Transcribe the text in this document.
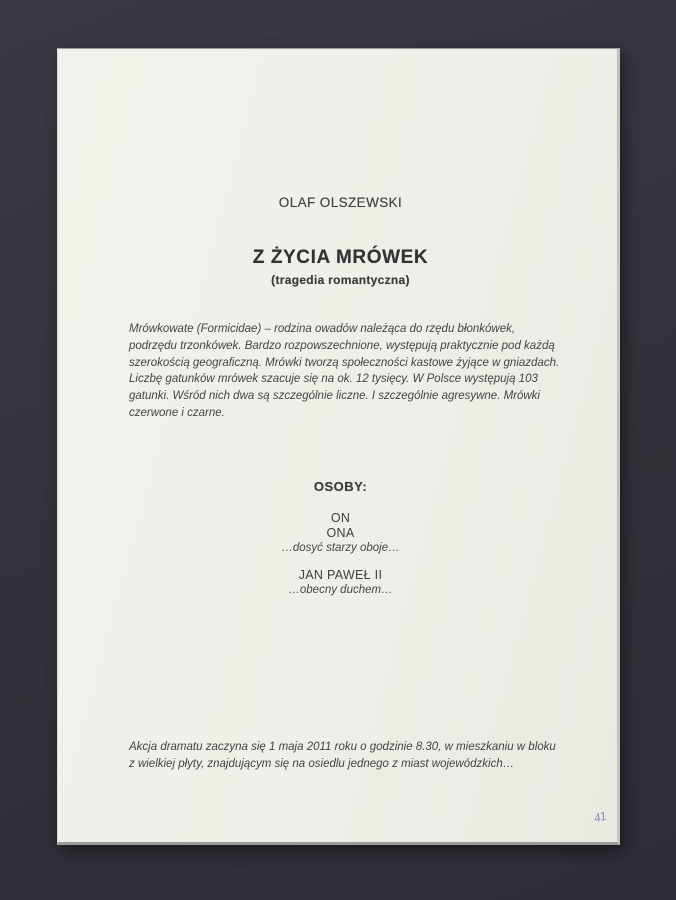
OLAF OLSZEWSKI
Z ŻYCIA MRÓWEK
(tragedia romantyczna)
Mrówkowate (Formicidae) – rodzina owadów należąca do rzędu błonkówek,
podrzędu trzonkówek. Bardzo rozpowszechnione, występują praktycznie pod każdą
szerokością geograficzną. Mrówki tworzą społeczności kastowe żyjące w gniazdach.
Liczbę gatunków mrówek szacuje się na ok. 12 tysięcy. W Polsce występują 103
gatunki. Wśród nich dwa są szczególnie liczne. I szczególnie agresywne. Mrówki
czerwone i czarne.
OSOBY:
ON
ONA
…dosyć starzy oboje…
JAN PAWEŁ II
…obecny duchem…
Akcja dramatu zaczyna się 1 maja 2011 roku o godzinie 8.30, w mieszkaniu w bloku
z wielkiej płyty, znajdującym się na osiedlu jednego z miast wojewódzkich…
41
